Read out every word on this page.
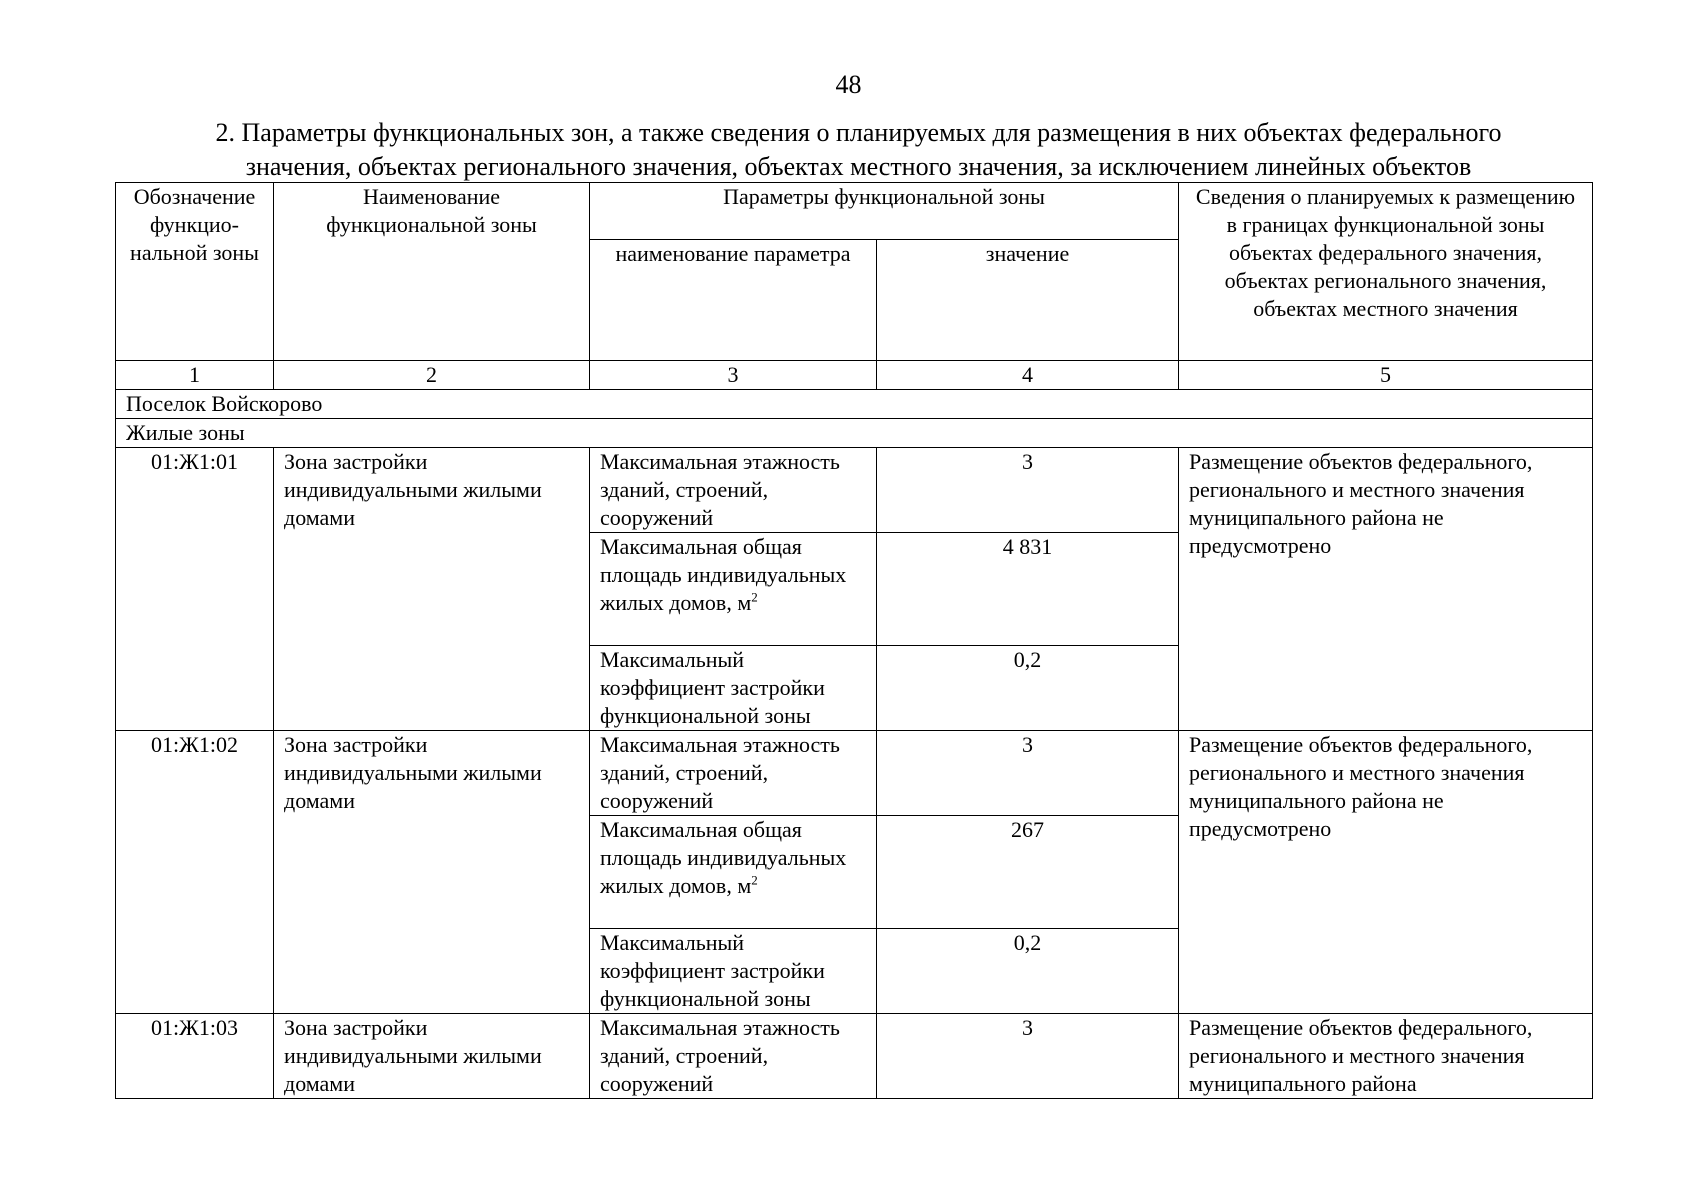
48
2. Параметры функциональных зон, а также сведения о планируемых для размещения в них объектах федерального
значения, объектах регионального значения, объектах местного значения, за исключением линейных объектов
Обозначение функцио-нальной зоны	Наименование функциональной зоны	Параметры функциональной зоны		Сведения о планируемых к размещению в границах функциональной зоны объектах федерального значения, объектах регионального значения, объектах местного значения
		наименование параметра	значение	
1	2	3	4	5
Поселок Войскорово				
Жилые зоны				
01:Ж1:01	Зона застройки индивидуальными жилыми домами	Максимальная этажность зданий, строений, сооружений	3	Размещение объектов федерального, регионального и местного значения муниципального района не предусмотрено
		Максимальная общая площадь индивидуальных жилых домов, $м^2$	4 831	
		Максимальный коэффициент застройки функциональной зоны	0,2	
01:Ж1:02	Зона застройки индивидуальными жилыми домами	Максимальная этажность зданий, строений, сооружений	3	Размещение объектов федерального, регионального и местного значения муниципального района не предусмотрено
		Максимальная общая площадь индивидуальных жилых домов, $м^2$	267	
		Максимальный коэффициент застройки функциональной зоны	0,2	
01:Ж1:03	Зона застройки индивидуальными жилыми домами	Максимальная этажность зданий, строений, сооружений	3	Размещение объектов федерального, регионального и местного значения муниципального района
